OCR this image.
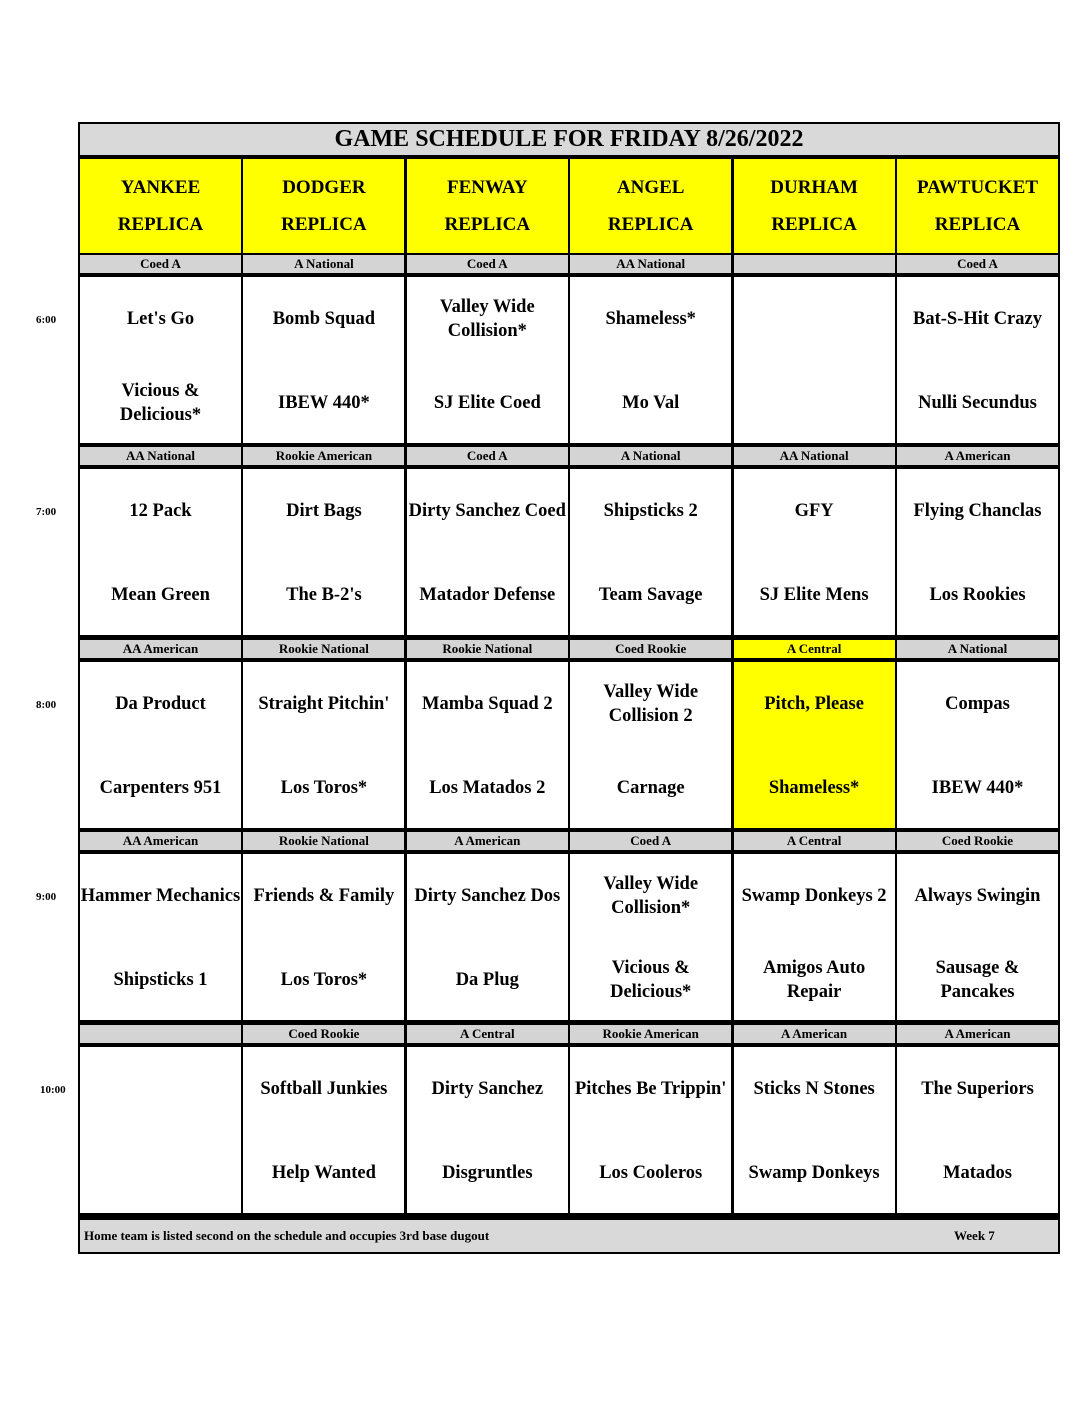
6:00
7:00
8:00
9:00
10:00
GAME SCHEDULE FOR FRIDAY 8/26/2022
YANKEE
REPLICA
Coed A
Let's Go
Vicious & Delicious*
AA National
12 Pack
Mean Green
AA American
Da Product
Carpenters 951
AA American
Hammer Mechanics
Shipsticks 1
DODGER
REPLICA
A National
Bomb Squad
IBEW 440*
Rookie American
Dirt Bags
The B-2's
Rookie National
Straight Pitchin'
Los Toros*
Rookie National
Friends & Family
Los Toros*
Coed Rookie
Softball Junkies
Help Wanted
FENWAY
REPLICA
Coed A
Valley Wide Collision*
SJ Elite Coed
Coed A
Dirty Sanchez Coed
Matador Defense
Rookie National
Mamba Squad 2
Los Matados 2
A American
Dirty Sanchez Dos
Da Plug
A Central
Dirty Sanchez
Disgruntles
ANGEL
REPLICA
AA National
Shameless*
Mo Val
A National
Shipsticks 2
Team Savage
Coed Rookie
Valley Wide Collision 2
Carnage
Coed A
Valley Wide Collision*
Vicious & Delicious*
Rookie American
Pitches Be Trippin'
Los Cooleros
DURHAM
REPLICA
AA National
GFY
SJ Elite Mens
A Central
Pitch, Please
Shameless*
A Central
Swamp Donkeys 2
Amigos Auto Repair
A American
Sticks N Stones
Swamp Donkeys
PAWTUCKET
REPLICA
Coed A
Bat-S-Hit Crazy
Nulli Secundus
A American
Flying Chanclas
Los Rookies
A National
Compas
IBEW 440*
Coed Rookie
Always Swingin
Sausage & Pancakes
A American
The Superiors
Matados
Home team is listed second on the schedule and occupies 3rd base dugout	Week 7
